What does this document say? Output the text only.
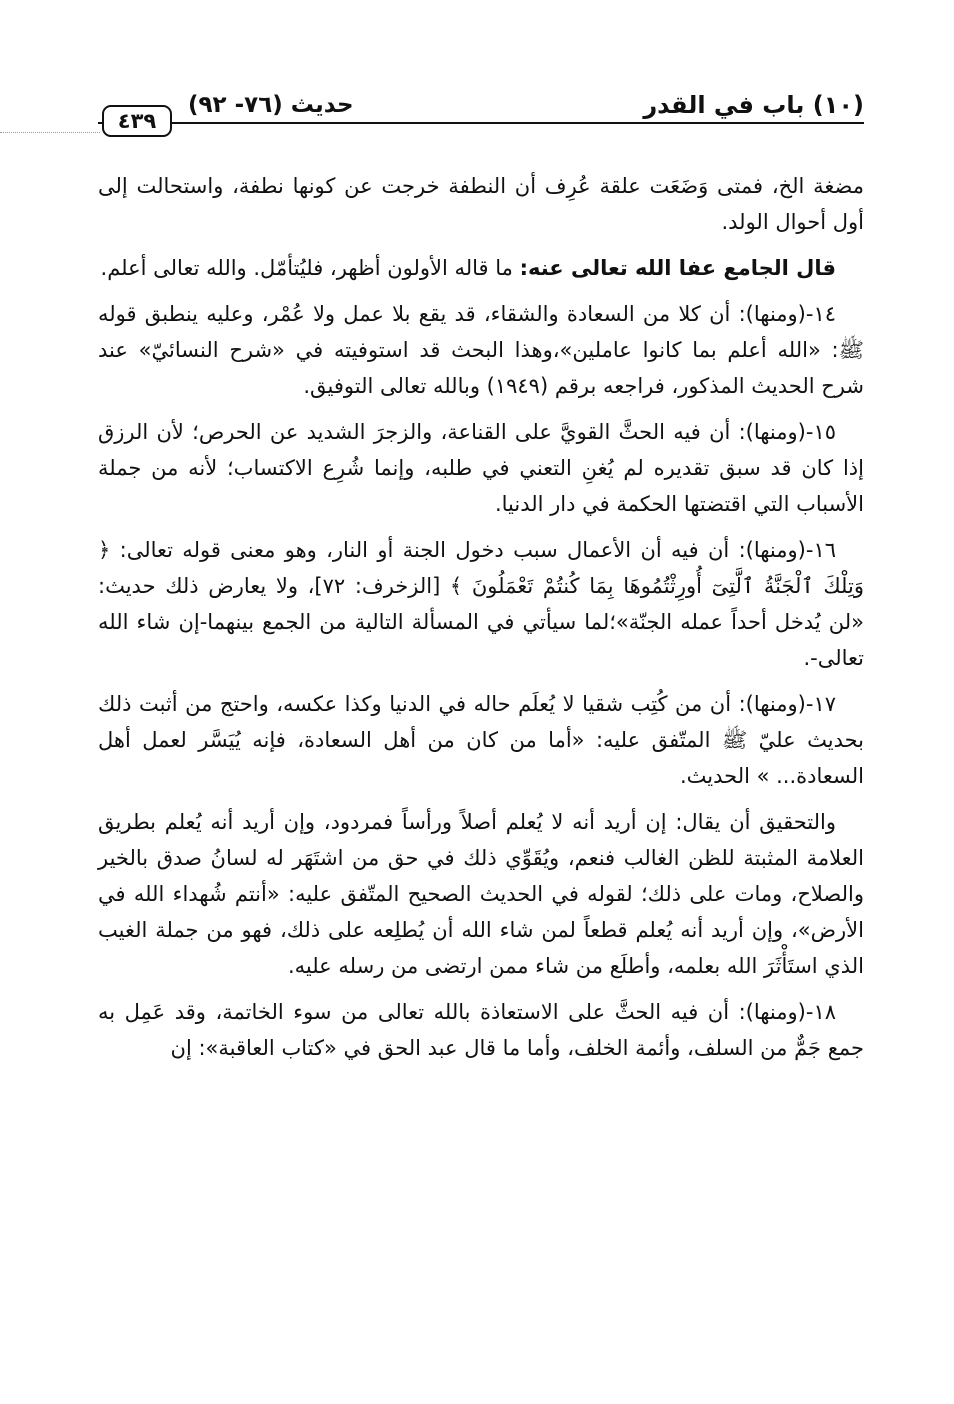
(١٠) باب في القدر
حديث (٧٦- ٩٢)
٤٣٩

مضغة الخ، فمتى وَضَعَت علقة عُرِف أن النطفة خرجت عن كونها نطفة، واستحالت إلى أول أحوال الولد.

قال الجامع عفا الله تعالى عنه: ما قاله الأولون أظهر، فليُتأمّل. والله تعالى أعلم.

١٤-(ومنها): أن كلا من السعادة والشقاء، قد يقع بلا عمل ولا عُمْر، وعليه ينطبق قوله ﷺ: «الله أعلم بما كانوا عاملين»،وهذا البحث قد استوفيته في «شرح النسائيّ» عند شرح الحديث المذكور، فراجعه برقم (١٩٤٩) وبالله تعالى التوفيق.

١٥-(ومنها): أن فيه الحثَّ القويَّ على القناعة، والزجرَ الشديد عن الحرص؛ لأن الرزق إذا كان قد سبق تقديره لم يُغنِ التعني في طلبه، وإنما شُرِع الاكتساب؛ لأنه من جملة الأسباب التي اقتضتها الحكمة في دار الدنيا.

١٦-(ومنها): أن فيه أن الأعمال سبب دخول الجنة أو النار، وهو معنى قوله تعالى: ﴿ وَتِلْكَ ٱلْجَنَّةُ ٱلَّتِىٓ أُورِثْتُمُوهَا بِمَا كُنتُمْ تَعْمَلُونَ ﴾ [الزخرف: ٧٢]، ولا يعارض ذلك حديث: «لن يُدخل أحداً عمله الجنّة»؛لما سيأتي في المسألة التالية من الجمع بينهما-إن شاء الله تعالى-.

١٧-(ومنها): أن من كُتِب شقيا لا يُعلَم حاله في الدنيا وكذا عكسه، واحتج من أثبت ذلك بحديث عليّ ﷺ المتّفق عليه: «أما من كان من أهل السعادة، فإنه يُيَسَّر لعمل أهل السعادة... » الحديث.

والتحقيق أن يقال: إن أريد أنه لا يُعلم أصلاً ورأساً فمردود، وإن أريد أنه يُعلم بطريق العلامة المثبتة للظن الغالب فنعم، ويُقَوِّي ذلك في حق من اشتَهَر له لسانُ صدق بالخير والصلاح، ومات على ذلك؛ لقوله في الحديث الصحيح المتّفق عليه: «أنتم شُهداء الله في الأرض»، وإن أريد أنه يُعلم قطعاً لمن شاء الله أن يُطلِعه على ذلك، فهو من جملة الغيب الذي استَأْثَرَ الله بعلمه، وأطلَع من شاء ممن ارتضى من رسله عليه.

١٨-(ومنها): أن فيه الحثَّ على الاستعاذة بالله تعالى من سوء الخاتمة، وقد عَمِل به جمع جَمٌّ من السلف، وأئمة الخلف، وأما ما قال عبد الحق في «كتاب العاقبة»: إن
